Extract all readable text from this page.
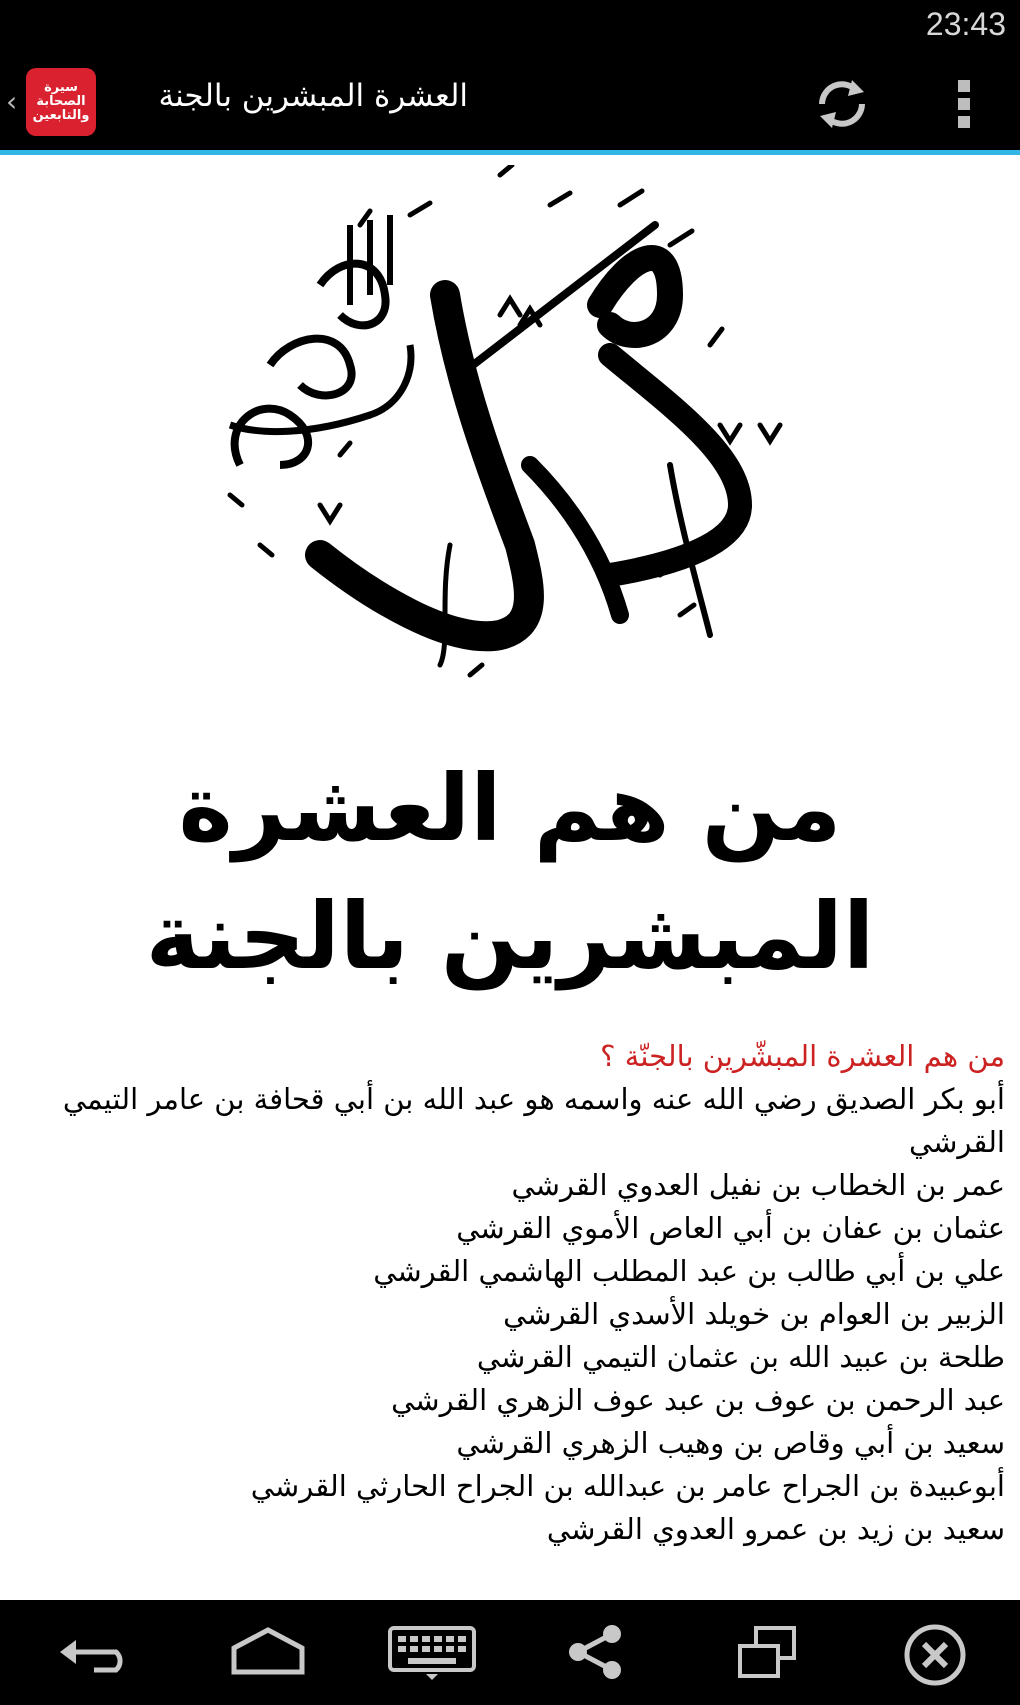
23:43
‹	سيرة
الصحابة
والتابعين
العشرة المبشرين بالجنة
من هم العشرة المبشرين بالجنة
من هم العشرة المبشّرين بالجنّة ؟
أبو بكر الصديق رضي الله عنه واسمه هو عبد الله بن أبي قحافة بن عامر التيمي القرشي
عمر بن الخطاب بن نفيل العدوي القرشي
عثمان بن عفان بن أبي العاص الأموي القرشي
علي بن أبي طالب بن عبد المطلب الهاشمي القرشي
الزبير بن العوام بن خويلد الأسدي القرشي
طلحة بن عبيد الله بن عثمان التيمي القرشي
عبد الرحمن بن عوف بن عبد عوف الزهري القرشي
سعيد بن أبي وقاص بن وهيب الزهري القرشي
أبوعبيدة بن الجراح عامر بن عبدالله بن الجراح الحارثي القرشي
سعيد بن زيد بن عمرو العدوي القرشي
